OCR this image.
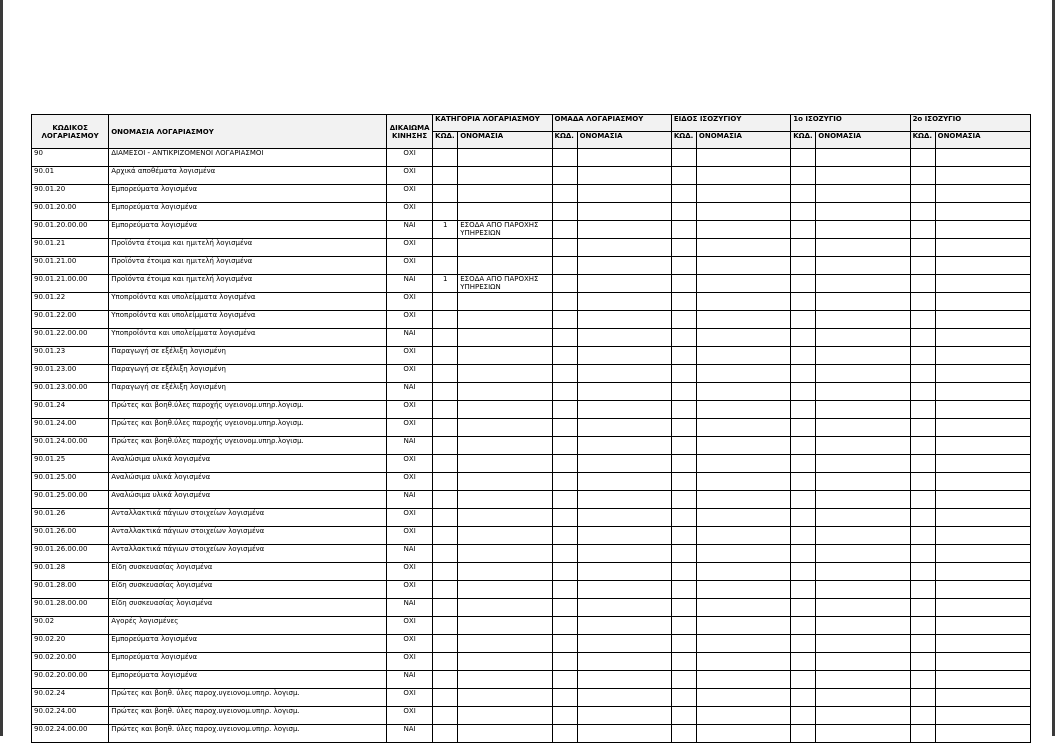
ΚΩΔΙΚΟΣ ΛΟΓΑΡΙΑΣΜΟΥ	ΟΝΟΜΑΣΙΑ ΛΟΓΑΡΙΑΣΜΟΥ	ΔΙΚΑΙΩΜΑ ΚΙΝΗΣΗΣ	ΚΑΤΗΓΟΡΙΑ ΛΟΓΑΡΙΑΣΜΟΥ		ΟΜΑΔΑ ΛΟΓΑΡΙΑΣΜΟΥ		ΕΙΔΟΣ ΙΣΟΖΥΓΙΟΥ		1ο ΙΣΟΖΥΓΙΟ		2ο ΙΣΟΖΥΓΙΟ	
			ΚΩΔ.	ΟΝΟΜΑΣΙΑ	ΚΩΔ.	ΟΝΟΜΑΣΙΑ	ΚΩΔ.	ΟΝΟΜΑΣΙΑ	ΚΩΔ.	ΟΝΟΜΑΣΙΑ	ΚΩΔ.	ΟΝΟΜΑΣΙΑ
90	ΔΙΑΜΕΣΟΙ - ΑΝΤΙΚΡΙΖΟΜΕΝΟΙ ΛΟΓΑΡΙΑΣΜΟΙ	ΟΧΙ										
90.01	Αρχικά αποθέματα λογισμένα	ΟΧΙ										
90.01.20	Εμπορεύματα λογισμένα	ΟΧΙ										
90.01.20.00	Εμπορεύματα λογισμένα	ΟΧΙ										
90.01.20.00.00	Εμπορεύματα λογισμένα	ΝΑΙ	1	ΕΣΟΔΑ ΑΠΟ ΠΑΡΟΧΗΣ ΥΠΗΡΕΣΙΩΝ								
90.01.21	Προϊόντα έτοιμα και ημιτελή λογισμένα	ΟΧΙ										
90.01.21.00	Προϊόντα έτοιμα και ημιτελή λογισμένα	ΟΧΙ										
90.01.21.00.00	Προϊόντα έτοιμα και ημιτελή λογισμένα	ΝΑΙ	1	ΕΣΟΔΑ ΑΠΟ ΠΑΡΟΧΗΣ ΥΠΗΡΕΣΙΩΝ								
90.01.22	Υποπροϊόντα και υπολείμματα λογισμένα	ΟΧΙ										
90.01.22.00	Υποπροϊόντα και υπολείμματα λογισμένα	ΟΧΙ										
90.01.22.00.00	Υποπροϊόντα και υπολείμματα λογισμένα	ΝΑΙ										
90.01.23	Παραγωγή σε εξέλιξη λογισμένη	ΟΧΙ										
90.01.23.00	Παραγωγή σε εξέλιξη λογισμένη	ΟΧΙ										
90.01.23.00.00	Παραγωγή σε εξέλιξη λογισμένη	ΝΑΙ										
90.01.24	Πρώτες και βοηθ.ύλες παροχής υγειονομ.υπηρ.λογισμ.	ΟΧΙ										
90.01.24.00	Πρώτες και βοηθ.ύλες παροχής υγειονομ.υπηρ.λογισμ.	ΟΧΙ										
90.01.24.00.00	Πρώτες και βοηθ.ύλες παροχής υγειονομ.υπηρ.λογισμ.	ΝΑΙ										
90.01.25	Αναλώσιμα υλικά λογισμένα	ΟΧΙ										
90.01.25.00	Αναλώσιμα υλικά λογισμένα	ΟΧΙ										
90.01.25.00.00	Αναλώσιμα υλικά λογισμένα	ΝΑΙ										
90.01.26	Ανταλλακτικά πάγιων στοιχείων λογισμένα	ΟΧΙ										
90.01.26.00	Ανταλλακτικά πάγιων στοιχείων λογισμένα	ΟΧΙ										
90.01.26.00.00	Ανταλλακτικά πάγιων στοιχείων λογισμένα	ΝΑΙ										
90.01.28	Είδη συσκευασίας λογισμένα	ΟΧΙ										
90.01.28.00	Είδη συσκευασίας λογισμένα	ΟΧΙ										
90.01.28.00.00	Είδη συσκευασίας λογισμένα	ΝΑΙ										
90.02	Αγορές λογισμένες	ΟΧΙ										
90.02.20	Εμπορεύματα λογισμένα	ΟΧΙ										
90.02.20.00	Εμπορεύματα λογισμένα	ΟΧΙ										
90.02.20.00.00	Εμπορεύματα λογισμένα	ΝΑΙ										
90.02.24	Πρώτες και βοηθ. ύλες παροχ.υγειονομ.υπηρ. λογισμ.	ΟΧΙ										
90.02.24.00	Πρώτες και βοηθ. ύλες παροχ.υγειονομ.υπηρ. λογισμ.	ΟΧΙ										
90.02.24.00.00	Πρώτες και βοηθ. ύλες παροχ.υγειονομ.υπηρ. λογισμ.	ΝΑΙ										
